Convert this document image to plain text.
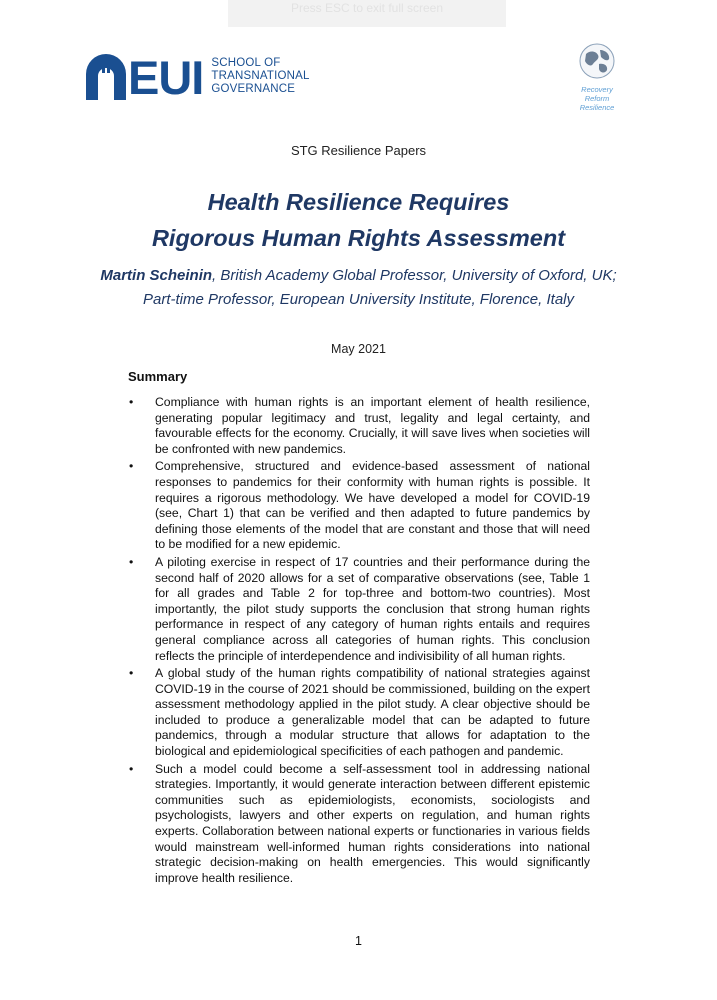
Press ESC to exit full screen
EUI SCHOOL OF
TRANSNATIONAL
GOVERNANCE	Recovery
Reform
Resilience
STG Resilience Papers
Health Resilience Requires
Rigorous Human Rights Assessment
Martin Scheinin, British Academy Global Professor, University of Oxford, UK;
Part-time Professor, European University Institute, Florence, Italy
May 2021
Summary
• Compliance with human rights is an important element of health resilience, generating popular legitimacy and trust, legality and legal certainty, and favourable effects for the economy. Crucially, it will save lives when societies will be confronted with new pandemics.
• Comprehensive, structured and evidence-based assessment of national responses to pandemics for their conformity with human rights is possible. It requires a rigorous methodology. We have developed a model for COVID-19 (see, Chart 1) that can be verified and then adapted to future pandemics by defining those elements of the model that are constant and those that will need to be modified for a new epidemic.
• A piloting exercise in respect of 17 countries and their performance during the second half of 2020 allows for a set of comparative observations (see, Table 1 for all grades and Table 2 for top-three and bottom-two countries). Most importantly, the pilot study supports the conclusion that strong human rights performance in respect of any category of human rights entails and requires general compliance across all categories of human rights. This conclusion reflects the principle of interdependence and indivisibility of all human rights.
• A global study of the human rights compatibility of national strategies against COVID-19 in the course of 2021 should be commissioned, building on the expert assessment methodology applied in the pilot study. A clear objective should be included to produce a generalizable model that can be adapted to future pandemics, through a modular structure that allows for adaptation to the biological and epidemiological specificities of each pathogen and pandemic.
• Such a model could become a self-assessment tool in addressing national strategies. Importantly, it would generate interaction between different epistemic communities such as epidemiologists, economists, sociologists and psychologists, lawyers and other experts on regulation, and human rights experts. Collaboration between national experts or functionaries in various fields would mainstream well-informed human rights considerations into national strategic decision-making on health emergencies. This would significantly improve health resilience.
1
